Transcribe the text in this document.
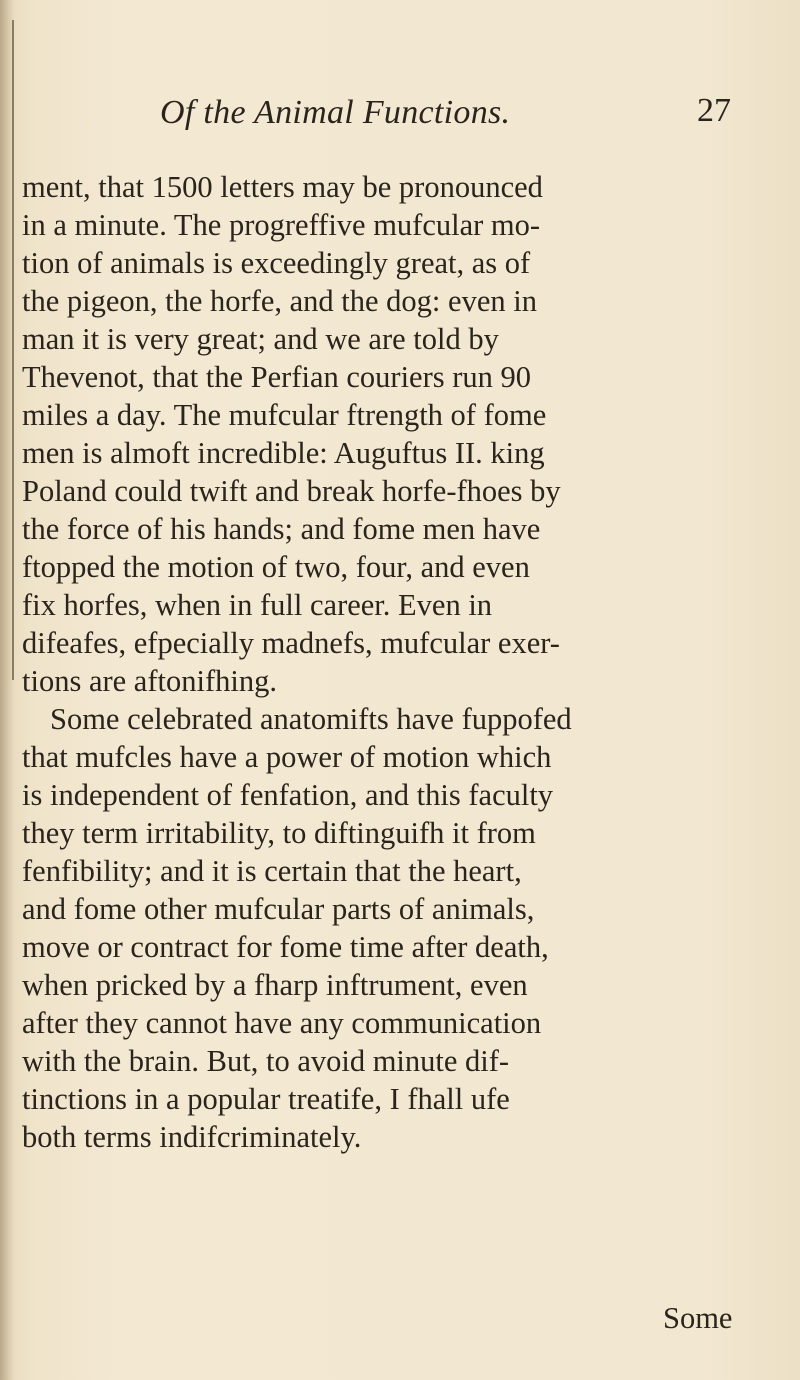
Of the Animal Functions.	27
ment, that 1500 letters may be pronounced
in a minute. The progreffive mufcular mo-
tion of animals is exceedingly great, as of
the pigeon, the horfe, and the dog: even in
man it is very great; and we are told by
Thevenot, that the Perfian couriers run 90
miles a day. The mufcular ftrength of fome
men is almoft incredible: Auguftus II. king
Poland could twift and break horfe-fhoes by
the force of his hands; and fome men have
ftopped the motion of two, four, and even
fix horfes, when in full career. Even in
difeafes, efpecially madnefs, mufcular exer-
tions are aftonifhing.
Some celebrated anatomifts have fuppofed
that mufcles have a power of motion which
is independent of fenfation, and this faculty
they term irritability, to diftinguifh it from
fenfibility; and it is certain that the heart,
and fome other mufcular parts of animals,
move or contract for fome time after death,
when pricked by a fharp inftrument, even
after they cannot have any communication
with the brain. But, to avoid minute dif-
tinctions in a popular treatife, I fhall ufe
both terms indifcriminately.
Some
